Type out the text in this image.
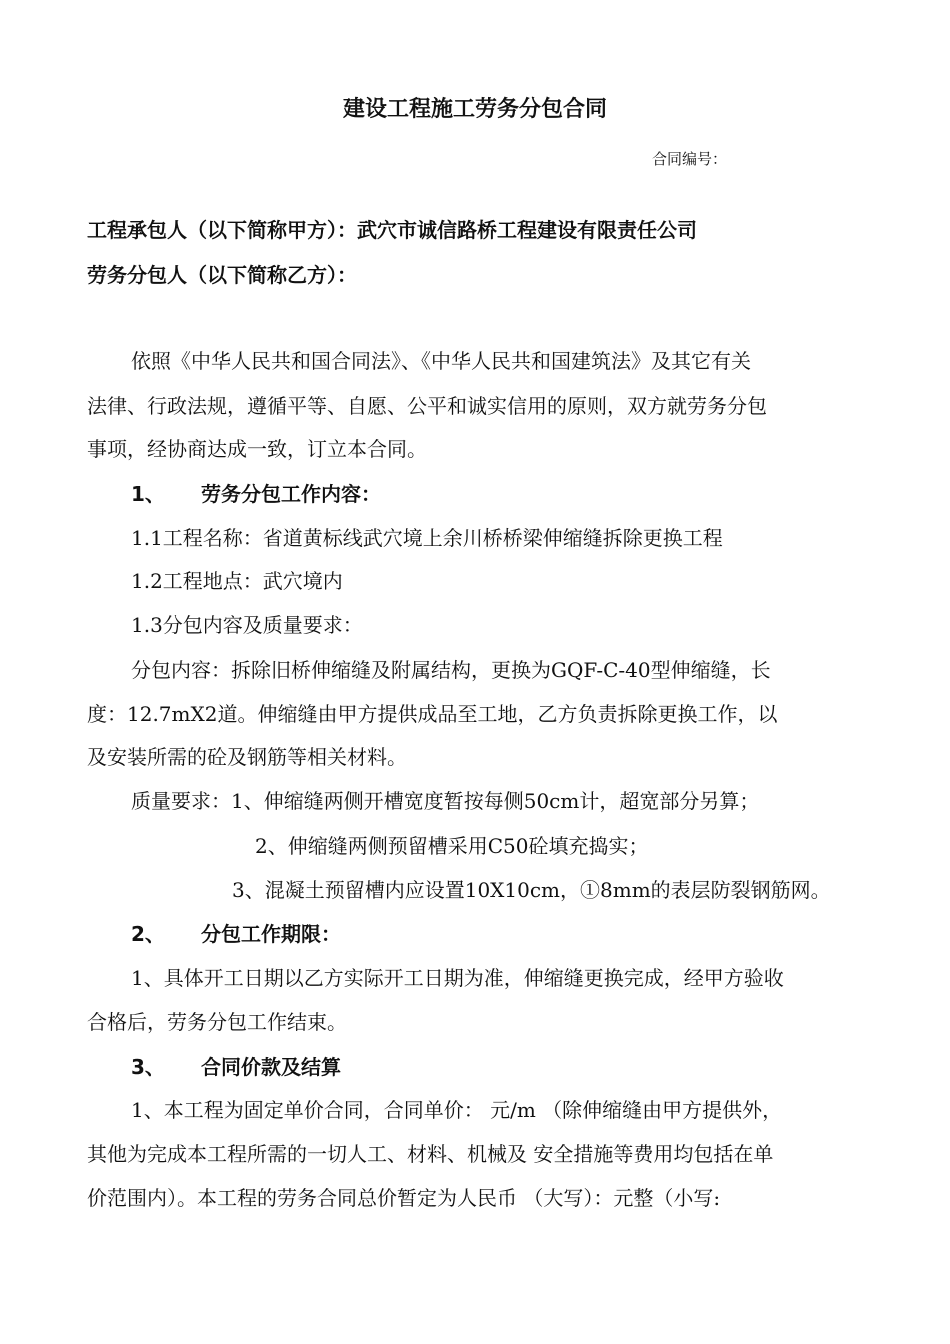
建设工程施工劳务分包合同
合同编号：
工程承包人（以下简称甲方）：武穴市诚信路桥工程建设有限责任公司
劳务分包人（以下简称乙方）：
依照《中华人民共和国合同法》、《中华人民共和国建筑法》及其它有关
法律、行政法规，遵循平等、自愿、公平和诚实信用的原则，双方就劳务分包
事项，经协商达成一致，订立本合同。
1、 劳务分包工作内容：
1.1工程名称：省道黄标线武穴境上余川桥桥梁伸缩缝拆除更换工程
1.2工程地点：武穴境内
1.3分包内容及质量要求：
分包内容：拆除旧桥伸缩缝及附属结构，更换为GQF-C-40型伸缩缝，长
度：12.7mX2道。伸缩缝由甲方提供成品至工地，乙方负责拆除更换工作，以
及安装所需的砼及钢筋等相关材料。
质量要求：1、伸缩缝两侧开槽宽度暂按每侧50cm计，超宽部分另算；
2、伸缩缝两侧预留槽采用C50砼填充捣实；
3、混凝土预留槽内应设置10X10cm，①8mm的表层防裂钢筋网。
2、 分包工作期限：
1、具体开工日期以乙方实际开工日期为准，伸缩缝更换完成，经甲方验收
合格后，劳务分包工作结束。
3、 合同价款及结算
1、本工程为固定单价合同，合同单价： 元/m （除伸缩缝由甲方提供外，
其他为完成本工程所需的一切人工、材料、机械及 安全措施等费用均包括在单
价范围内）。本工程的劳务合同总价暂定为人民币 （大写）：元整（小写:
